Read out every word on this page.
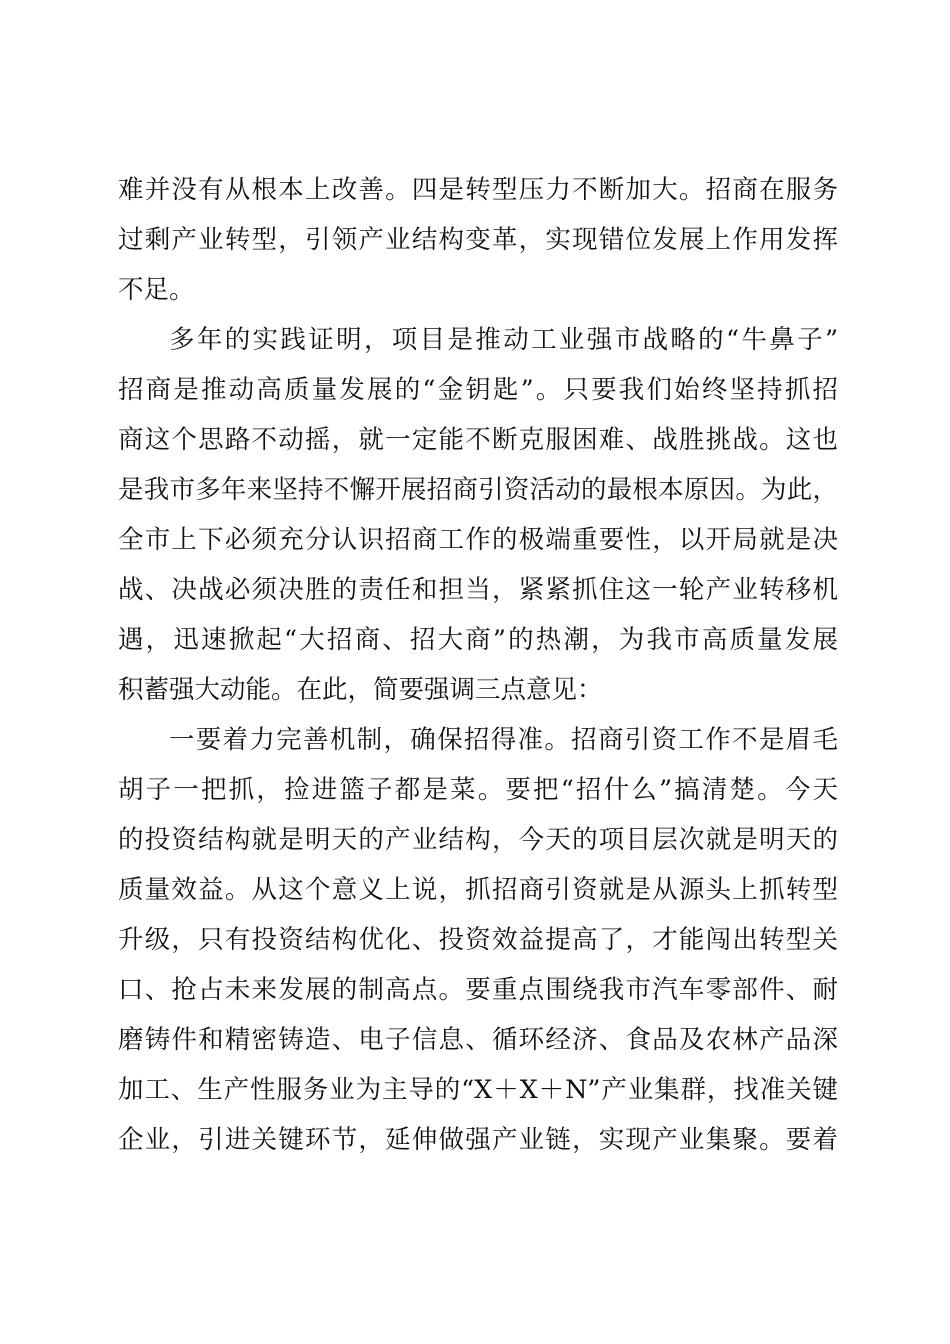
难并没有从根本上改善。四是转型压力不断加大。招商在服务
过剩产业转型，引领产业结构变革，实现错位发展上作用发挥
不足。
多年的实践证明，项目是推动工业强市战略的“牛鼻子”
招商是推动高质量发展的“金钥匙”。只要我们始终坚持抓招
商这个思路不动摇，就一定能不断克服困难、战胜挑战。这也
是我市多年来坚持不懈开展招商引资活动的最根本原因。为此，
全市上下必须充分认识招商工作的极端重要性，以开局就是决
战、决战必须决胜的责任和担当，紧紧抓住这一轮产业转移机
遇，迅速掀起“大招商、招大商”的热潮，为我市高质量发展
积蓄强大动能。在此，简要强调三点意见：
一要着力完善机制，确保招得准。招商引资工作不是眉毛
胡子一把抓，捡进篮子都是菜。要把“招什么”搞清楚。今天
的投资结构就是明天的产业结构，今天的项目层次就是明天的
质量效益。从这个意义上说，抓招商引资就是从源头上抓转型
升级，只有投资结构优化、投资效益提高了，才能闯出转型关
口、抢占未来发展的制高点。要重点围绕我市汽车零部件、耐
磨铸件和精密铸造、电子信息、循环经济、食品及农林产品深
加工、生产性服务业为主导的“X＋X＋N”产业集群，找准关键
企业，引进关键环节，延伸做强产业链，实现产业集聚。要着
